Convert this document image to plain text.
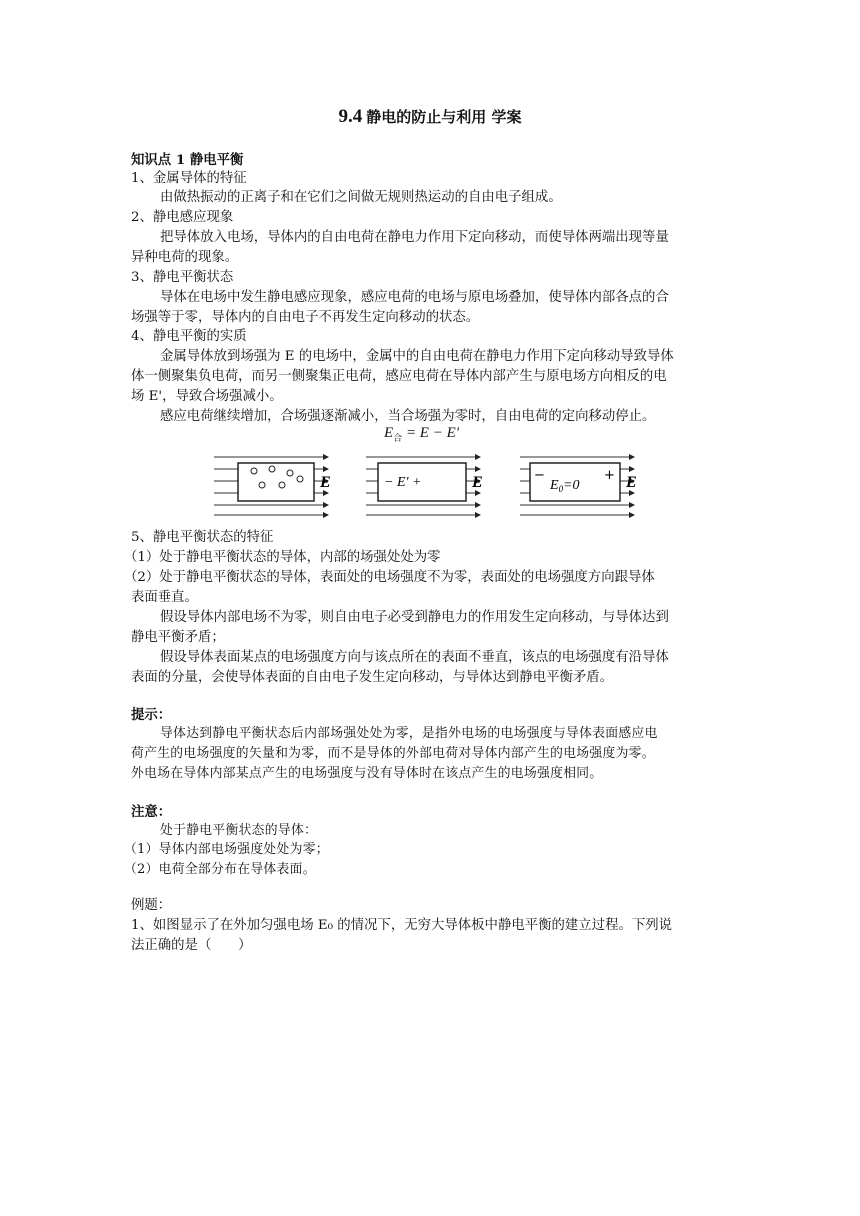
9.4 静电的防止与利用 学案
知识点 1 静电平衡
1、金属导体的特征
由做热振动的正离子和在它们之间做无规则热运动的自由电子组成。
2、静电感应现象
把导体放入电场，导体内的自由电荷在静电力作用下定向移动，而使导体两端出现等量
异种电荷的现象。
3、静电平衡状态
导体在电场中发生静电感应现象，感应电荷的电场与原电场叠加，使导体内部各点的合
场强等于零，导体内的自由电子不再发生定向移动的状态。
4、静电平衡的实质
金属导体放到场强为 E 的电场中，金属中的自由电荷在静电力作用下定向移动导致导体
体一侧聚集负电荷，而另一侧聚集正电荷，感应电荷在导体内部产生与原电场方向相反的电
场 E'，导致合场强减小。
感应电荷继续增加，合场强逐渐减小，当合场强为零时，自由电荷的定向移动停止。
$E_合 = E - E'$
E	− E' +	E	−
$E_0=0$
+ E
5、静电平衡状态的特征
（1）处于静电平衡状态的导体，内部的场强处处为零
（2）处于静电平衡状态的导体，表面处的电场强度不为零，表面处的电场强度方向跟导体
表面垂直。
假设导体内部电场不为零，则自由电子必受到静电力的作用发生定向移动，与导体达到
静电平衡矛盾；
假设导体表面某点的电场强度方向与该点所在的表面不垂直，该点的电场强度有沿导体
表面的分量，会使导体表面的自由电子发生定向移动，与导体达到静电平衡矛盾。
提示：
导体达到静电平衡状态后内部场强处处为零，是指外电场的电场强度与导体表面感应电
荷产生的电场强度的矢量和为零，而不是导体的外部电荷对导体内部产生的电场强度为零。
外电场在导体内部某点产生的电场强度与没有导体时在该点产生的电场强度相同。
注意：
处于静电平衡状态的导体：
（1）导体内部电场强度处处为零；
（2）电荷全部分布在导体表面。
例题：
1、如图显示了在外加匀强电场 E₀ 的情况下，无穷大导体板中静电平衡的建立过程。下列说
法正确的是（　　）
